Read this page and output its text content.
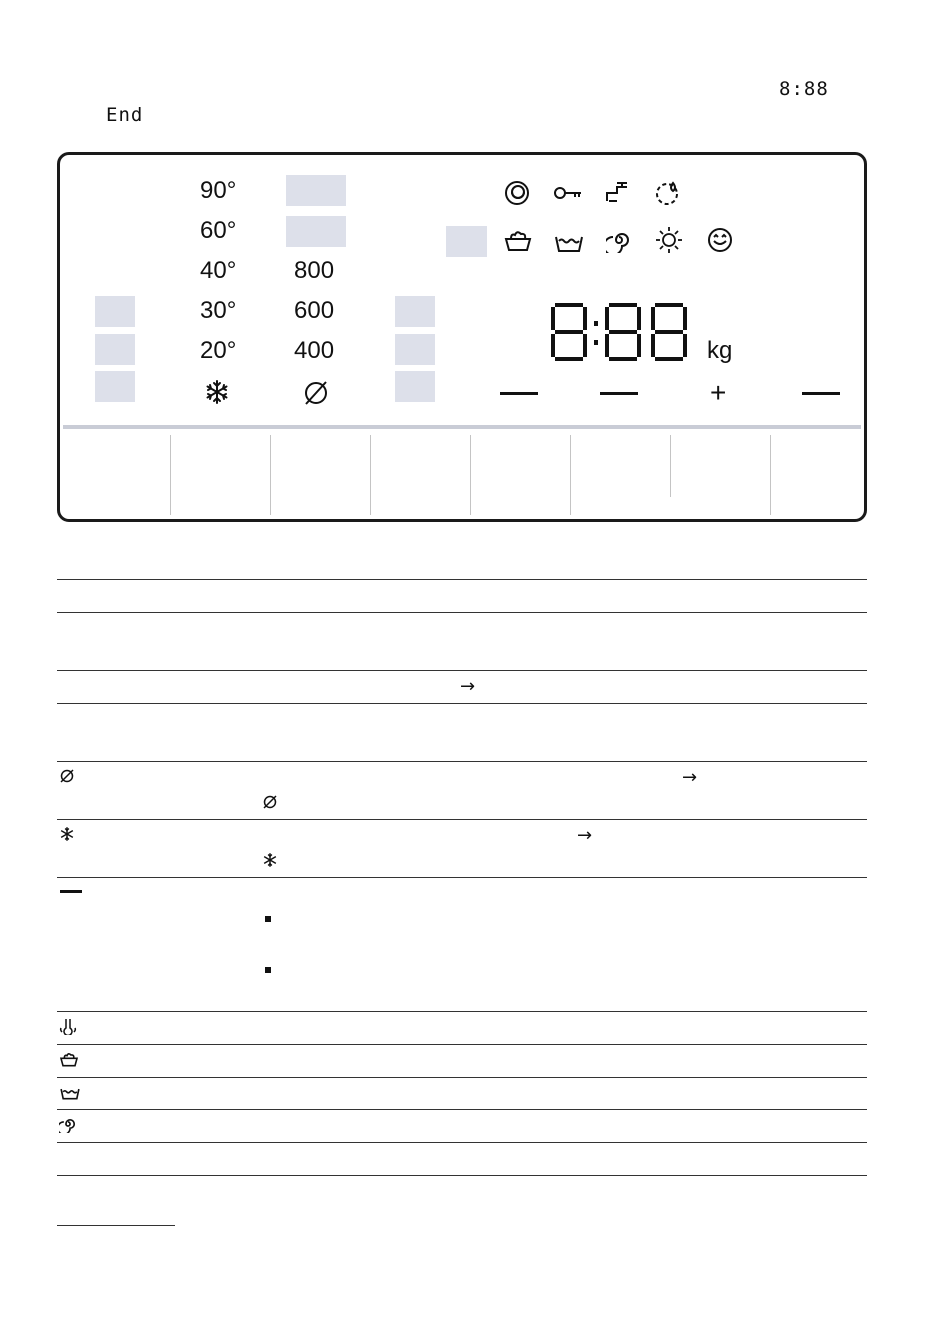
8:88
End
90°
60°
40°
30°
20°
800
600
400	kg
+
→
→
→
